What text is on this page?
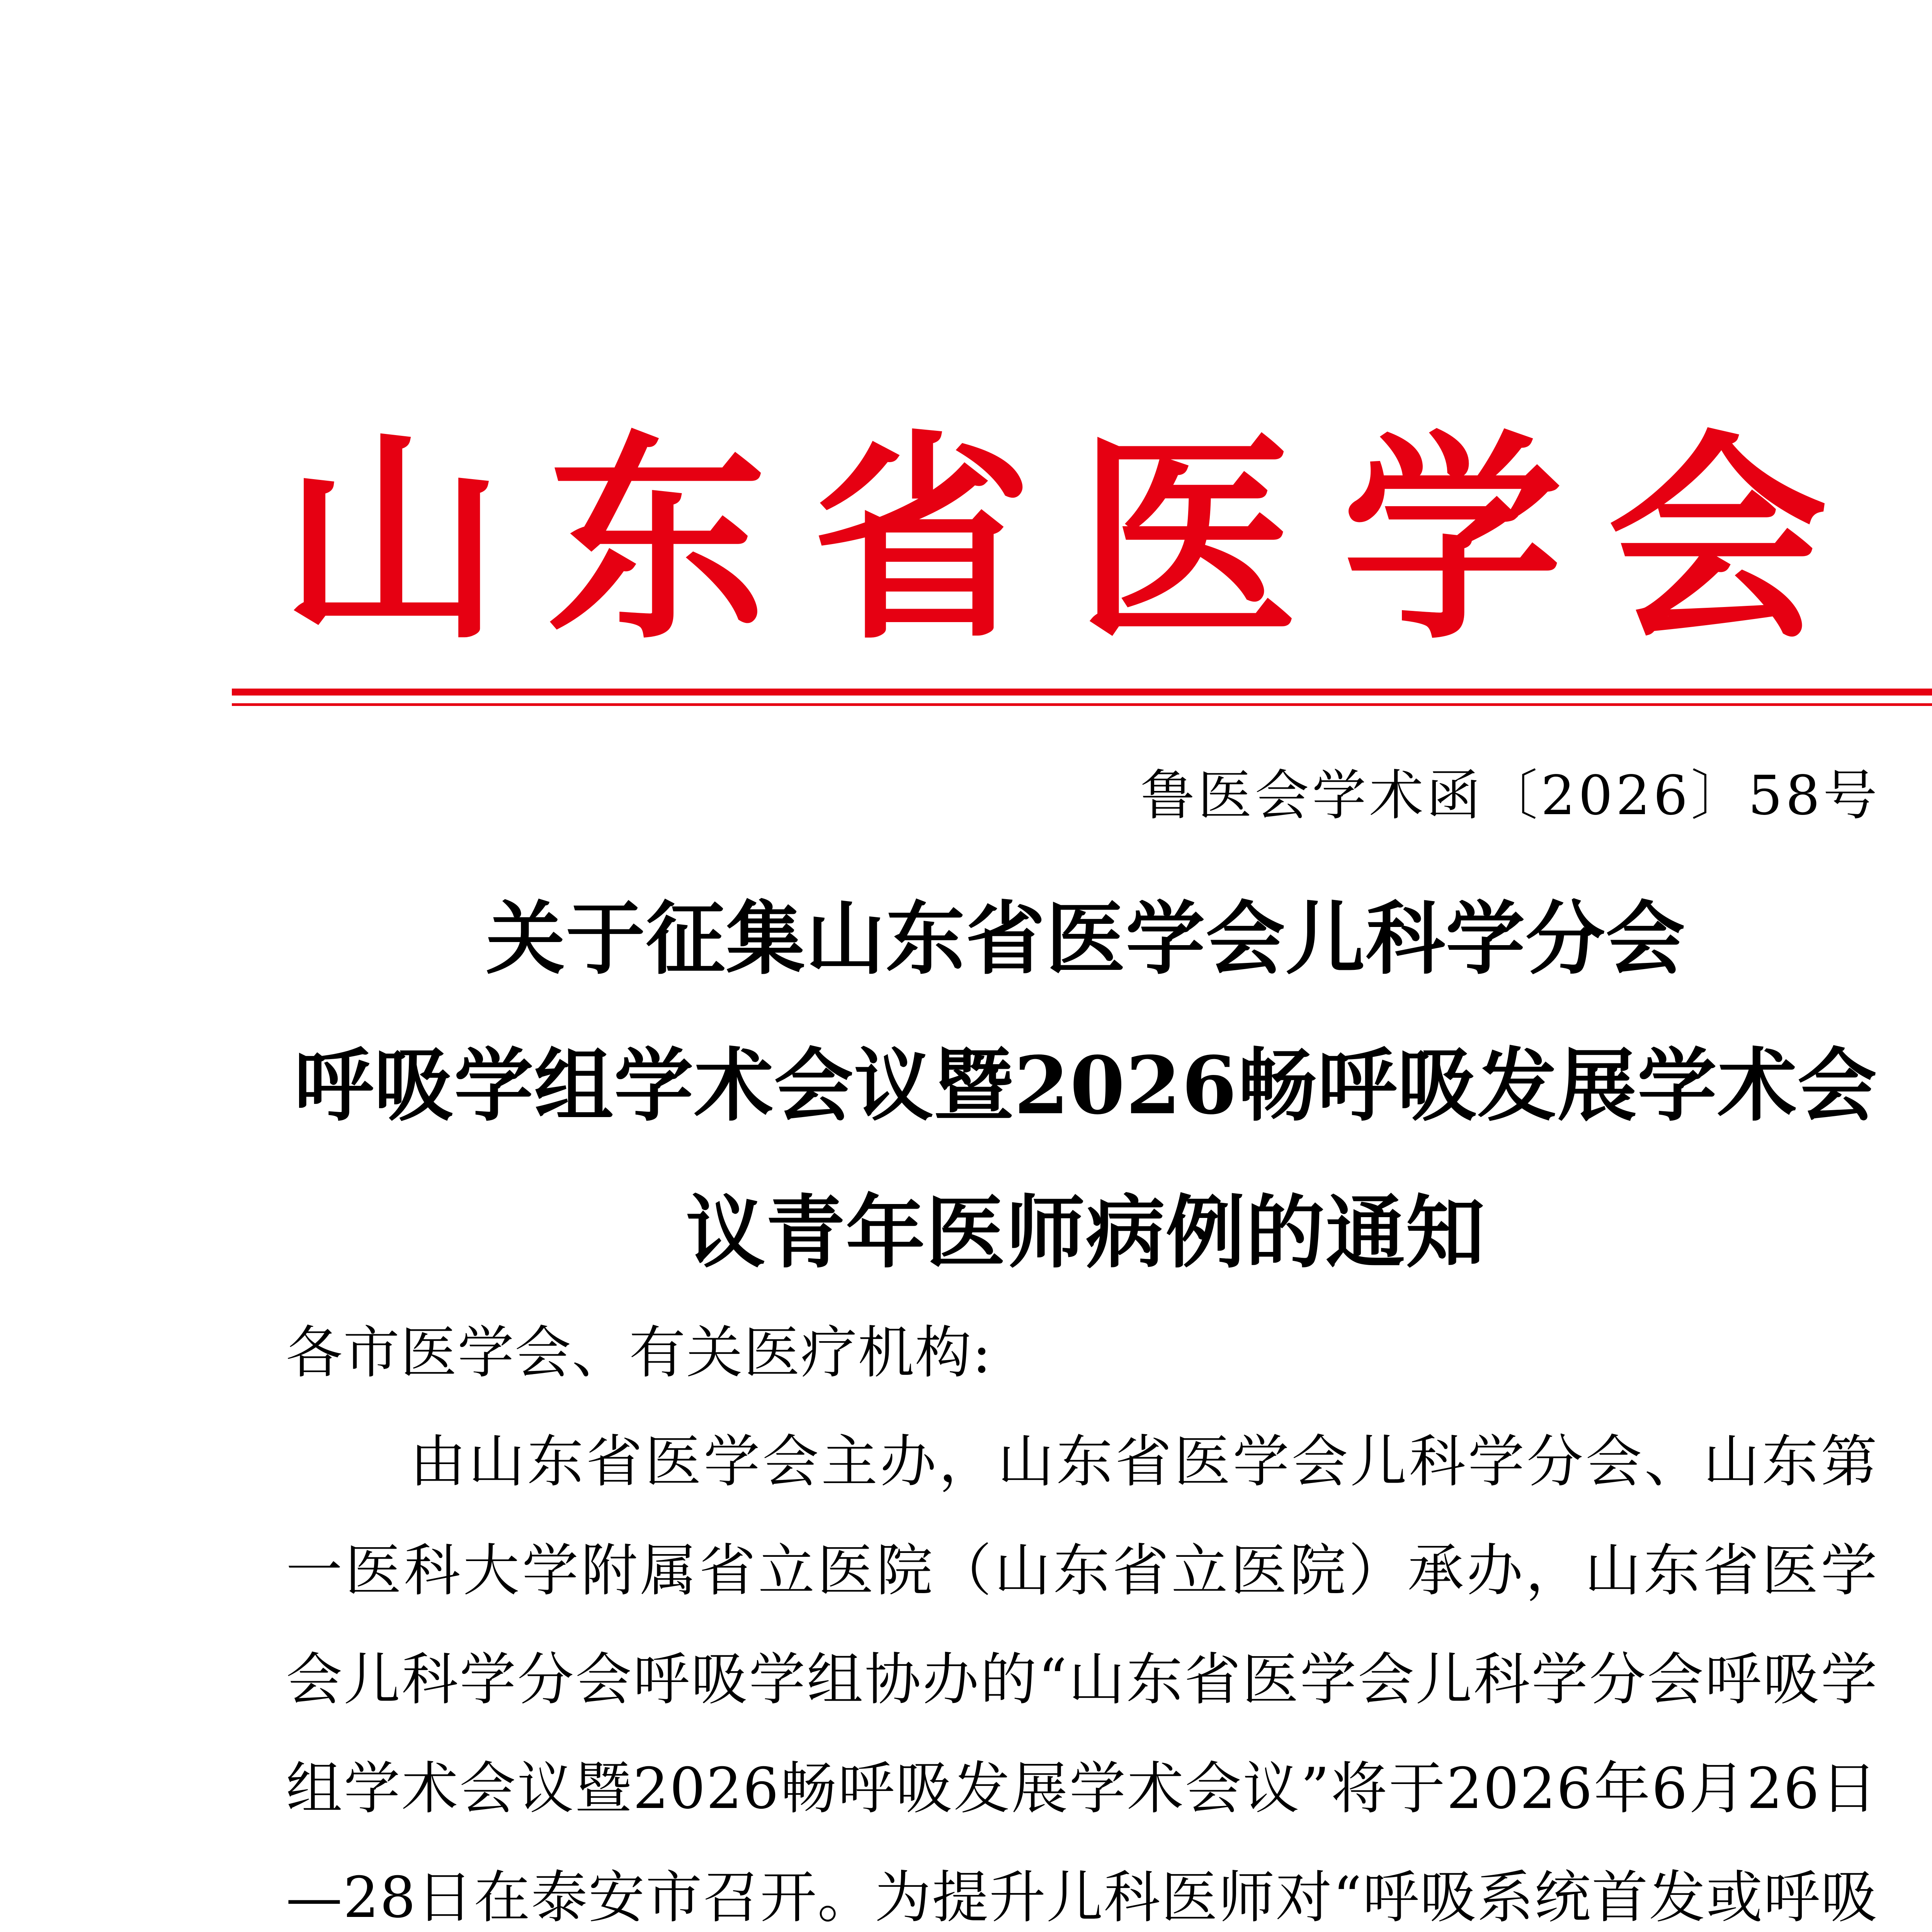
山 东 省 医 学 会
鲁医会学术函〔2026〕58号
关于征集山东省医学会儿科学分会
呼吸学组学术会议暨2026畅呼吸发展学术会
议青年医师病例的通知

各市医学会、有关医疗机构:

由山东省医学会主办，山东省医学会儿科学分会、山东第一医科大学附属省立医院（山东省立医院）承办，山东省医学会儿科学分会呼吸学组协办的“山东省医学会儿科学分会呼吸学组学术会议暨2026畅呼吸发展学术会议”将于2026年6月26日—28日在泰安市召开。为提升儿科医师对“呼吸系统首发或呼吸
